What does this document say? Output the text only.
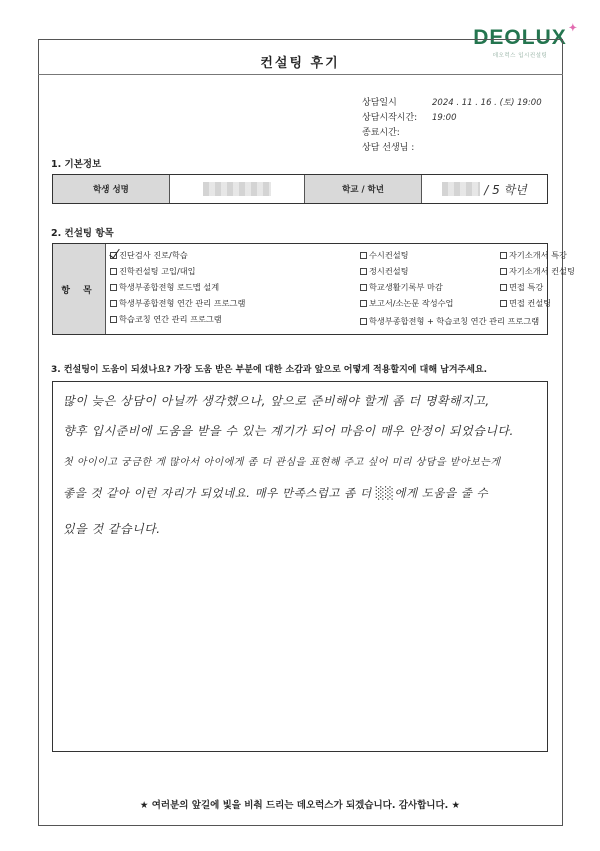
DEOLUX ✦
데오럭스 입시컨설팅
컨설팅 후기
상담일시	2024 . 11 . 16 . (토) 19:00
상담시작시간:	19:00
종료시간:
상담 선생님 :
1. 기본정보
학생 성명	학교 / 학년	/ 5 학년
2. 컨설팅 항목
항 목
진단검사 진로/학습
진학컨설팅 고입/대입
학생부종합전형 로드맵 설계
학생부종합전형 연간 관리 프로그램
학습코칭 연간 관리 프로그램
수시컨설팅
정시컨설팅
학교생활기록부 마감
보고서/소논문 작성수업
학생부종합전형 + 학습코칭 연간 관리 프로그램
자기소개서 특강
자기소개서 컨설팅
면접 특강
면접 컨설팅
3. 컨설팅이 도움이 되셨나요? 가장 도움 받은 부분에 대한 소감과 앞으로 어떻게 적용할지에 대해 남겨주세요.
많이 늦은 상담이 아닐까 생각했으나, 앞으로 준비해야 할게 좀 더 명확해지고,
향후 입시준비에 도움을 받을 수 있는 계기가 되어 마음이 매우 안정이 되었습니다.
첫 아이이고 궁금한 게 많아서 아이에게 좀 더 관심을 표현해 주고 싶어 미리 상담을 받아보는게
좋을 것 같아 이런 자리가 되었네요. 매우 만족스럽고 좀 더 ░░에게 도움을 줄 수
있을 것 같습니다.
★ 여러분의 앞길에 빛을 비춰 드리는 데오럭스가 되겠습니다. 감사합니다. ★
